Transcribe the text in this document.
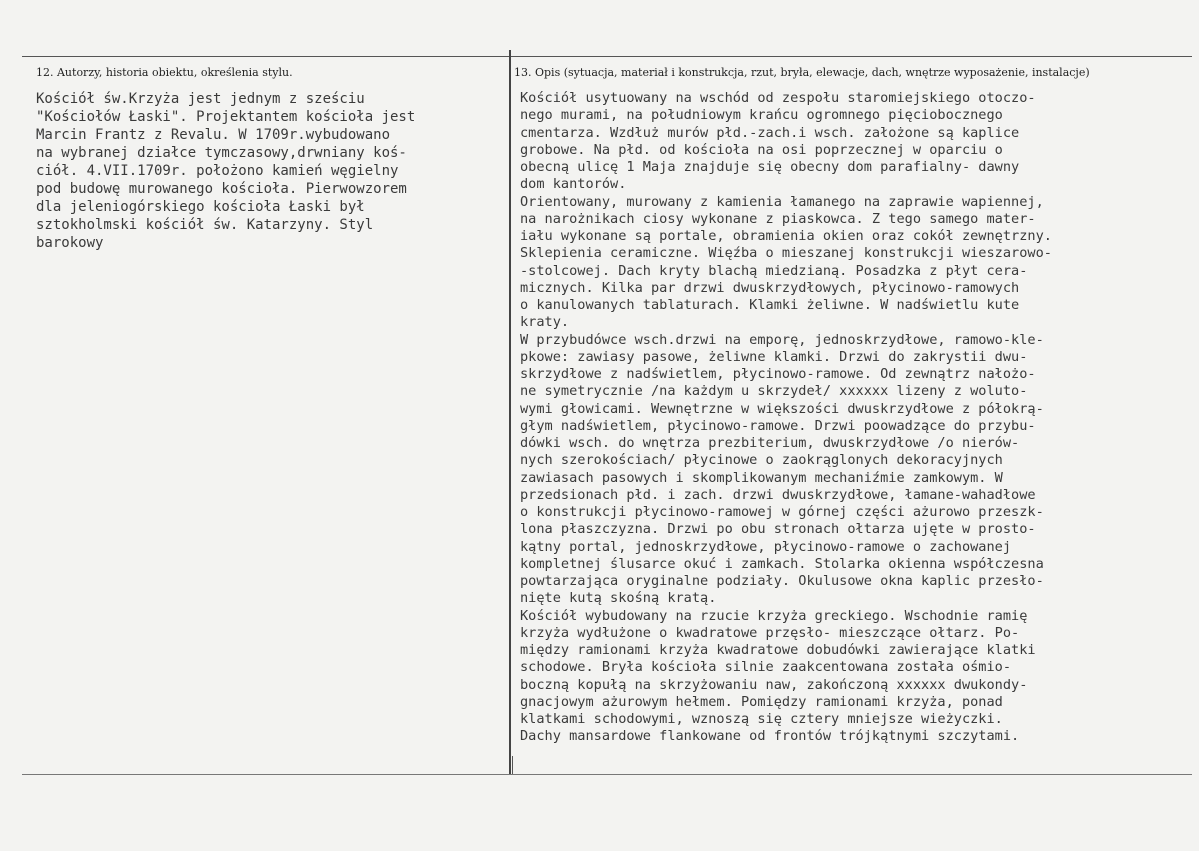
12. Autorzy, historia obiektu, określenia stylu.	13. Opis (sytuacja, materiał i konstrukcja, rzut, bryła, elewacje, dach, wnętrze wyposażenie, instalacje)
Kościół św.Krzyża jest jednym z sześciu
"Kościołów Łaski". Projektantem kościoła jest
Marcin Frantz z Revalu. W 1709r.wybudowano
na wybranej działce tymczasowy,drwniany koś-
ciół. 4.VII.1709r. położono kamień węgielny
pod budowę murowanego kościoła. Pierwowzorem
dla jeleniogórskiego kościoła Łaski był
sztokholmski kościół św. Katarzyny. Styl
barokowy
Kościół usytuowany na wschód od zespołu staromiejskiego otoczo-
nego murami, na południowym krańcu ogromnego pięciobocznego
cmentarza. Wzdłuż murów płd.-zach.i wsch. założone są kaplice
grobowe. Na płd. od kościoła na osi poprzecznej w oparciu o
obecną ulicę 1 Maja znajduje się obecny dom parafialny- dawny
dom kantorów.
Orientowany, murowany z kamienia łamanego na zaprawie wapiennej,
na narożnikach ciosy wykonane z piaskowca. Z tego samego mater-
iału wykonane są portale, obramienia okien oraz cokół zewnętrzny.
Sklepienia ceramiczne. Więźba o mieszanej konstrukcji wieszarowo-
-stolcowej. Dach kryty blachą miedzianą. Posadzka z płyt cera-
micznych. Kilka par drzwi dwuskrzydłowych, płycinowo-ramowych
o kanulowanych tablaturach. Klamki żeliwne. W nadświetlu kute
kraty.
W przybudówce wsch.drzwi na emporę, jednoskrzydłowe, ramowo-kle-
pkowe: zawiasy pasowe, żeliwne klamki. Drzwi do zakrystii dwu-
skrzydłowe z nadświetlem, płycinowo-ramowe. Od zewnątrz nałożo-
ne symetrycznie /na każdym u skrzydeł/ xxxxxx lizeny z woluto-
wymi głowicami. Wewnętrzne w większości dwuskrzydłowe z półokrą-
głym nadświetlem, płycinowo-ramowe. Drzwi poowadzące do przybu-
dówki wsch. do wnętrza prezbiterium, dwuskrzydłowe /o nierów-
nych szerokościach/ płycinowe o zaokrąglonych dekoracyjnych
zawiasach pasowych i skomplikowanym mechaniźmie zamkowym. W
przedsionach płd. i zach. drzwi dwuskrzydłowe, łamane-wahadłowe
o konstrukcji płycinowo-ramowej w górnej części ażurowo przeszk-
lona płaszczyzna. Drzwi po obu stronach ołtarza ujęte w prosto-
kątny portal, jednoskrzydłowe, płycinowo-ramowe o zachowanej
kompletnej ślusarce okuć i zamkach. Stolarka okienna współczesna
powtarzająca oryginalne podziały. Okulusowe okna kaplic przesło-
nięte kutą skośną kratą.
Kościół wybudowany na rzucie krzyża greckiego. Wschodnie ramię
krzyża wydłużone o kwadratowe przęsło- mieszczące ołtarz. Po-
między ramionami krzyża kwadratowe dobudówki zawierające klatki
schodowe. Bryła kościoła silnie zaakcentowana została ośmio-
boczną kopułą na skrzyżowaniu naw, zakończoną xxxxxx dwukondy-
gnacjowym ażurowym hełmem. Pomiędzy ramionami krzyża, ponad
klatkami schodowymi, wznoszą się cztery mniejsze wieżyczki.
Dachy mansardowe flankowane od frontów trójkątnymi szczytami.
